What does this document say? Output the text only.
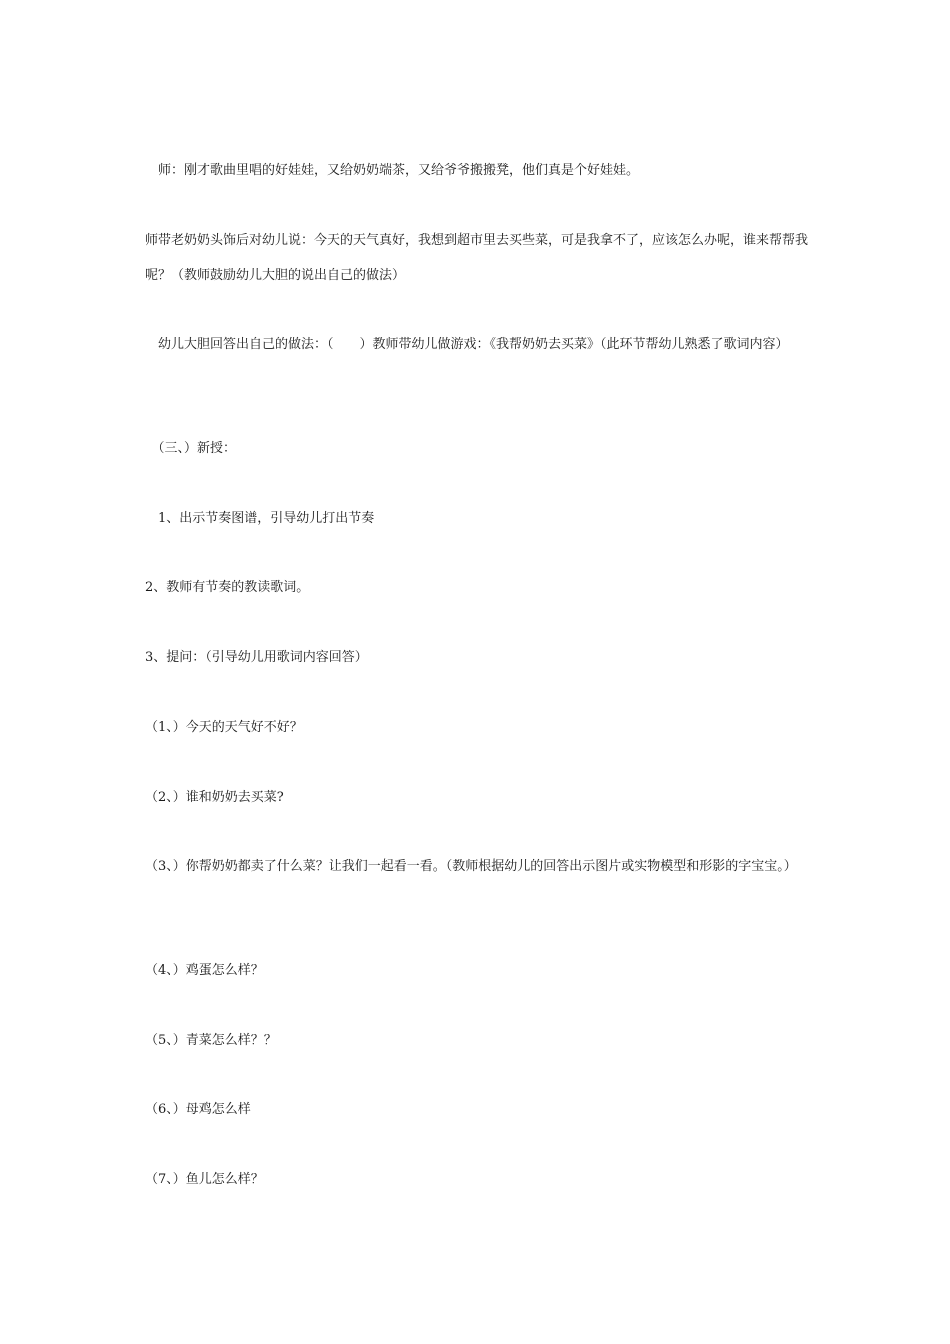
　师：刚才歌曲里唱的好娃娃，又给奶奶端茶，又给爷爷搬搬凳，他们真是个好娃娃。

师带老奶奶头饰后对幼儿说：今天的天气真好，我想到超市里去买些菜，可是我拿不了，应该怎么办呢，谁来帮帮我呢？（教师鼓励幼儿大胆的说出自己的做法）

　幼儿大胆回答出自己的做法：（　　）教师带幼儿做游戏：《我帮奶奶去买菜》（此环节帮幼儿熟悉了歌词内容）

　（三、）新授：

　1、出示节奏图谱，引导幼儿打出节奏

2、教师有节奏的教读歌词。

3、提问：（引导幼儿用歌词内容回答）

（1、）今天的天气好不好？

（2、）谁和奶奶去买菜?

（3、）你帮奶奶都卖了什么菜？让我们一起看一看。（教师根据幼儿的回答出示图片或实物模型和形影的字宝宝。）

（4、）鸡蛋怎么样？

（5、）青菜怎么样？？

（6、）母鸡怎么样

（7、）鱼儿怎么样？
